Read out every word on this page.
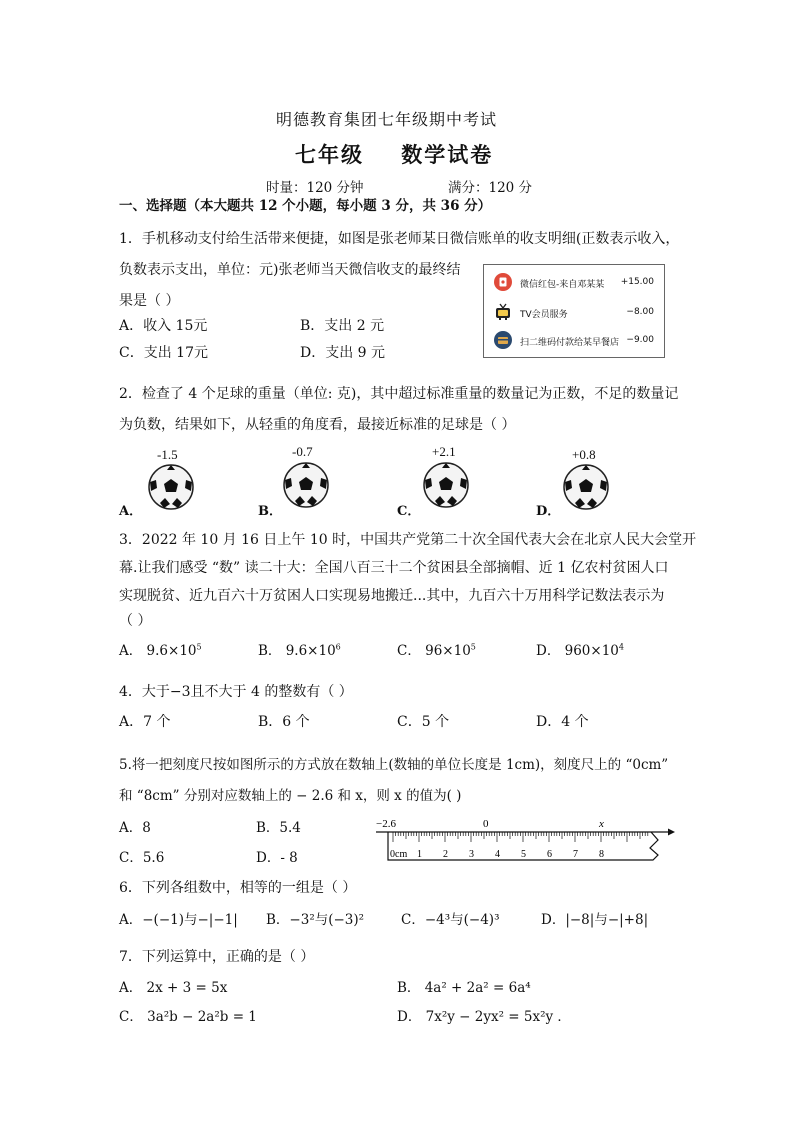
明德教育集团七年级期中考试
七年级    数学试卷
时量：120 分钟	满分：120 分
一、选择题（本大题共 12 个小题，每小题 3 分，共 36 分）
1．手机移动支付给生活带来便捷，如图是张老师某日微信账单的收支明细(正数表示收入，
负数表示支出，单位：元)张老师当天微信收支的最终结
果是（ ）
A．收入 15元	B．支出 2 元
C．支出 17元	D．支出 9 元
微信红包-来自邓某某 +15.00
TV会员服务	−8.00
扫二维码付款给某早餐店 −9.00
2．检查了 4 个足球的重量（单位: 克)，其中超过标准重量的数量记为正数，不足的数量记
为负数，结果如下，从轻重的角度看，最接近标准的足球是（ ）
-1.5
A．
-0.7
B．
+2.1
C．
+0.8
D．
3．2022 年 10 月 16 日上午 10 时，中国共产党第二十次全国代表大会在北京人民大会堂开
幕.让我们感受 “数” 读二十大：全国八百三十二个贫困县全部摘帽、近 1 亿农村贫困人口
实现脱贫、近九百六十万贫困人口实现易地搬迁...其中，九百六十万用科学记数法表示为
（ ）
A． $9.6\times 10^5$	B． $9.6\times 10^6$	C． $96\times 10^5$	D． $960\times 10^4$
4．大于−3且不大于 4 的整数有（ ）
A．7 个	B．6 个	C．5 个	D．4 个
5.将一把刻度尺按如图所示的方式放在数轴上(数轴的单位长度是 1cm)，刻度尺上的 “0cm”
和 “8cm” 分别对应数轴上的 − 2.6 和 x，则 x 的值为( )
A．8	B．5.4
C．5.6	D．- 8
−2.6	0	x
0cm 1 2 3 4 5 6 7 8
6．下列各组数中，相等的一组是（ ）
A．−(−1)与−|−1| B．−3²与(−3)²	C．−4³与(−4)³	D．|−8|与−|+8|
7．下列运算中，正确的是（ ）
A． 2x + 3 = 5x	B． 4a² + 2a² = 6a⁴
C． 3a²b − 2a²b = 1	D． 7x²y − 2yx² = 5x²y ．
